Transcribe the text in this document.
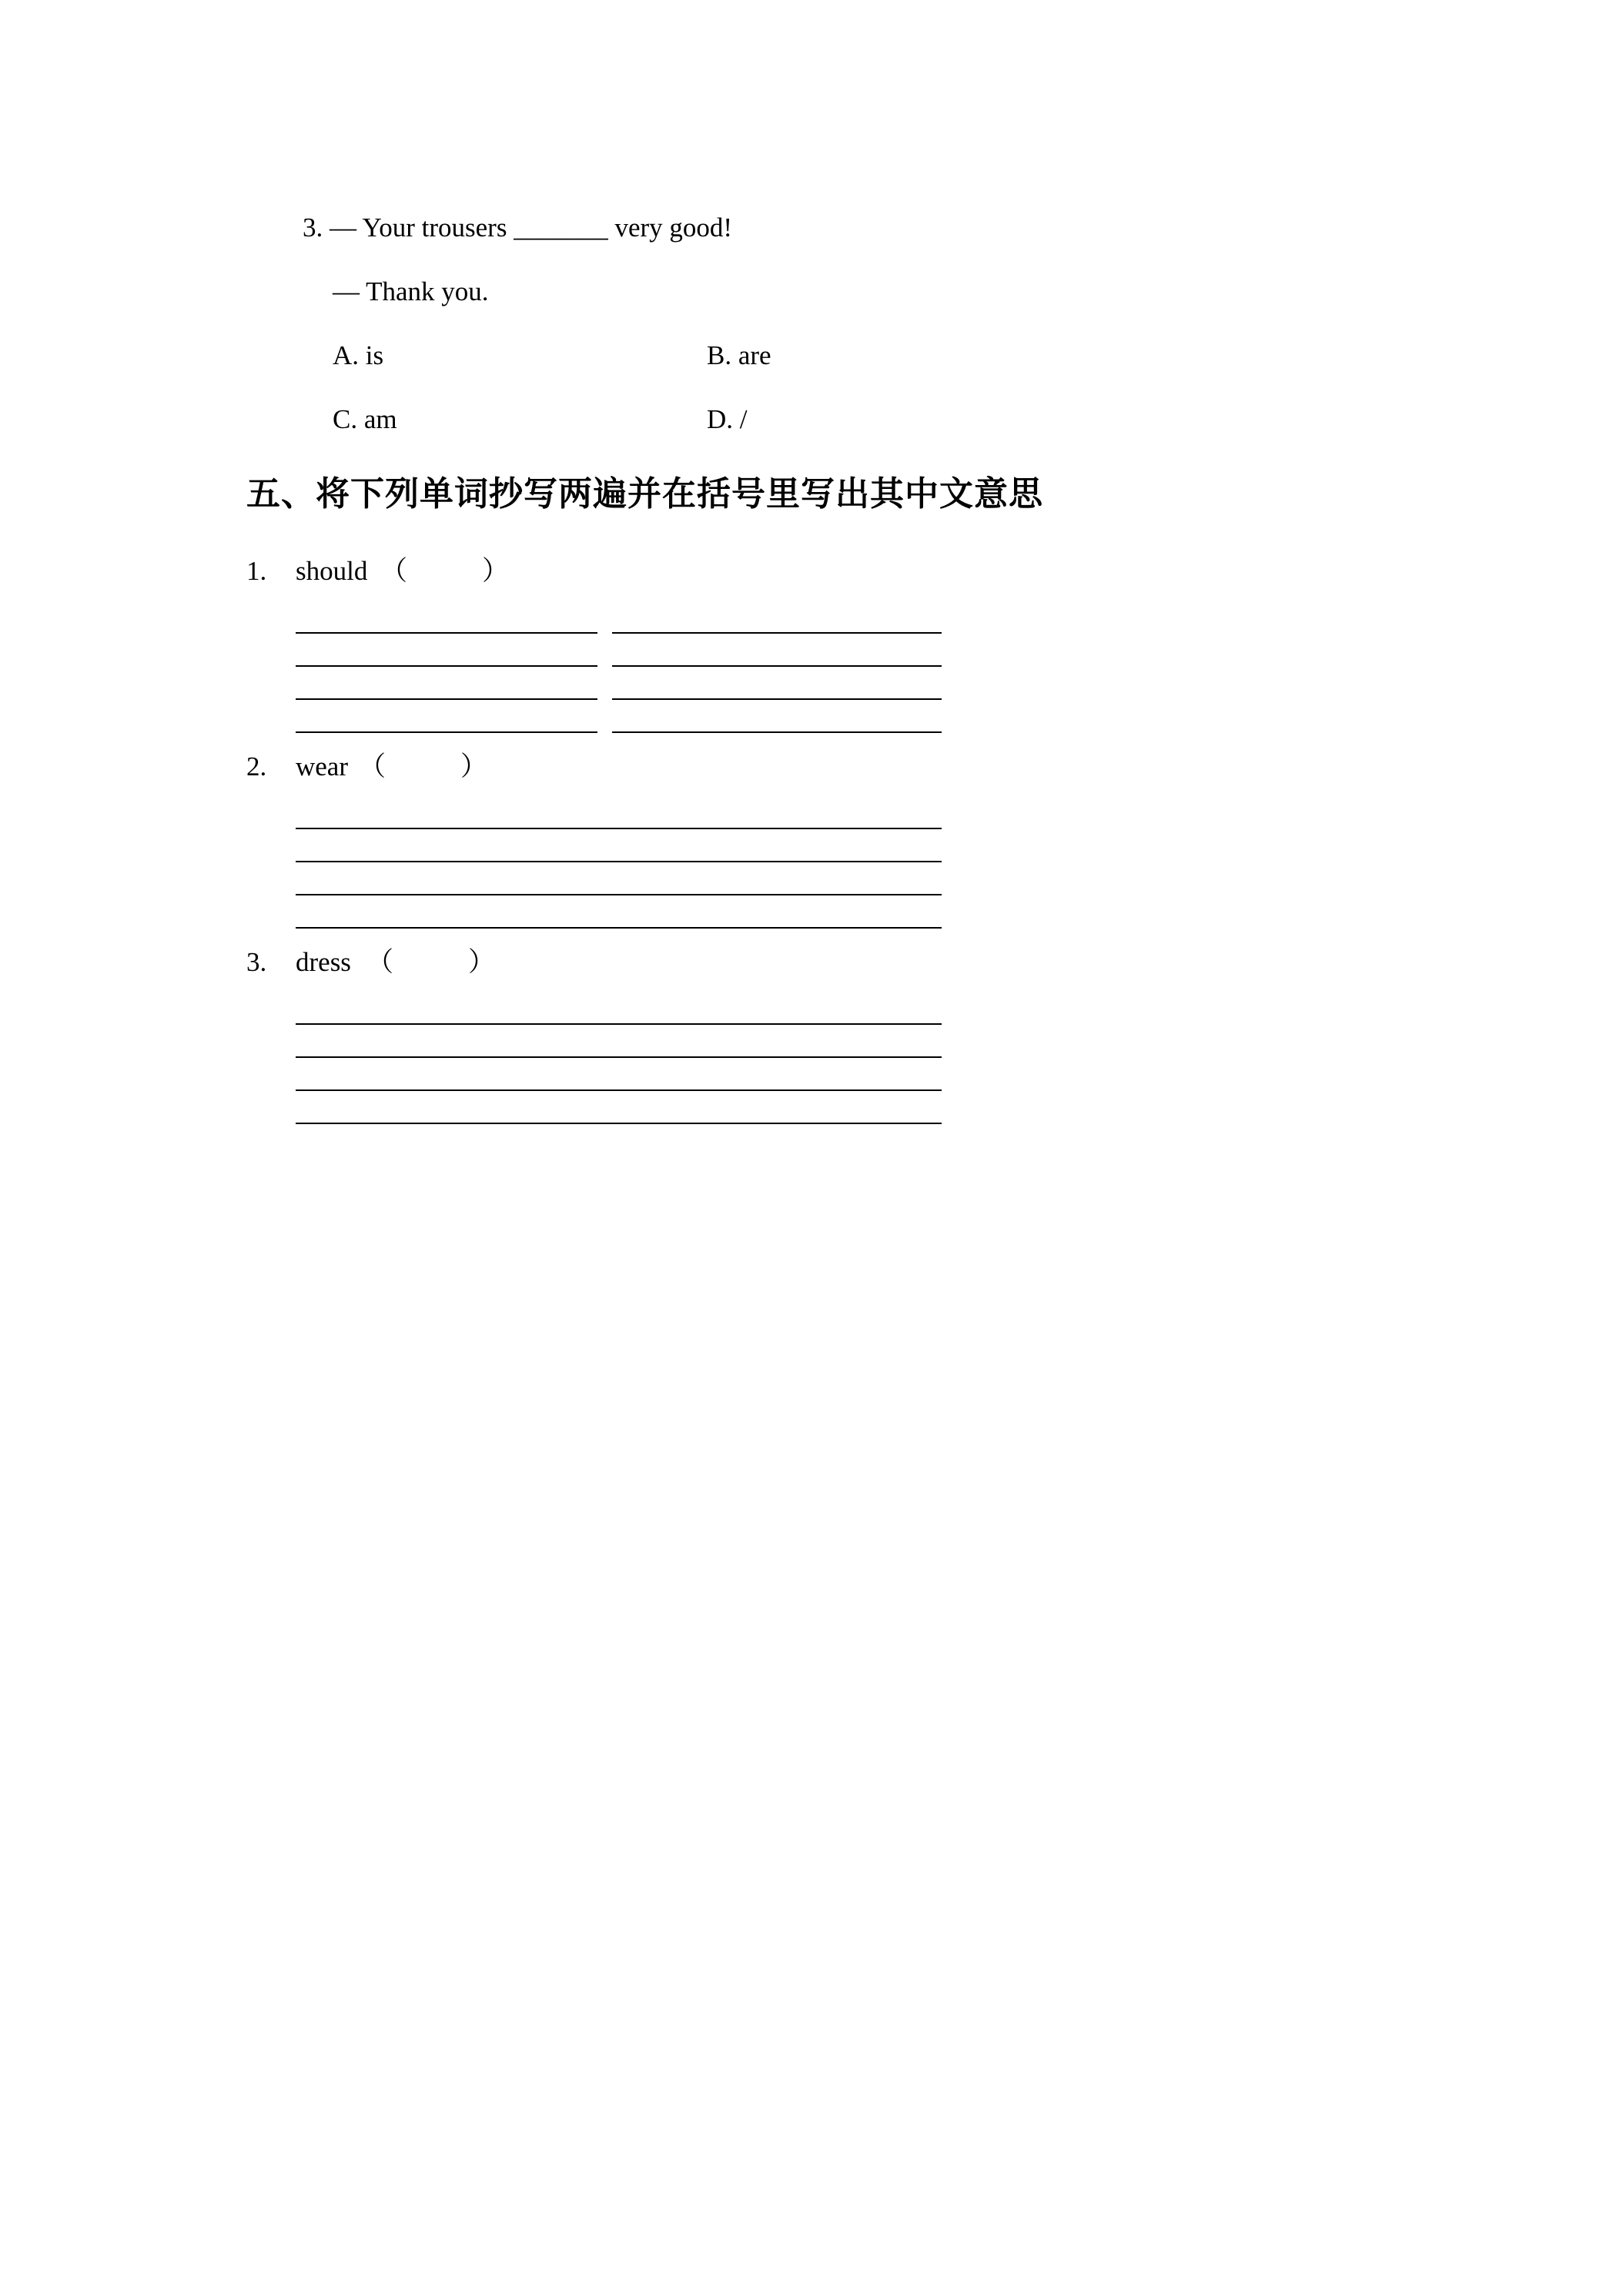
3. — Your trousers _______ very good!
— Thank you.
A. is	B. are
C. am	D. /
五、将下列单词抄写两遍并在括号里写出其中文意思
1. should （	）
2. wear （	）
3. dress （	）
